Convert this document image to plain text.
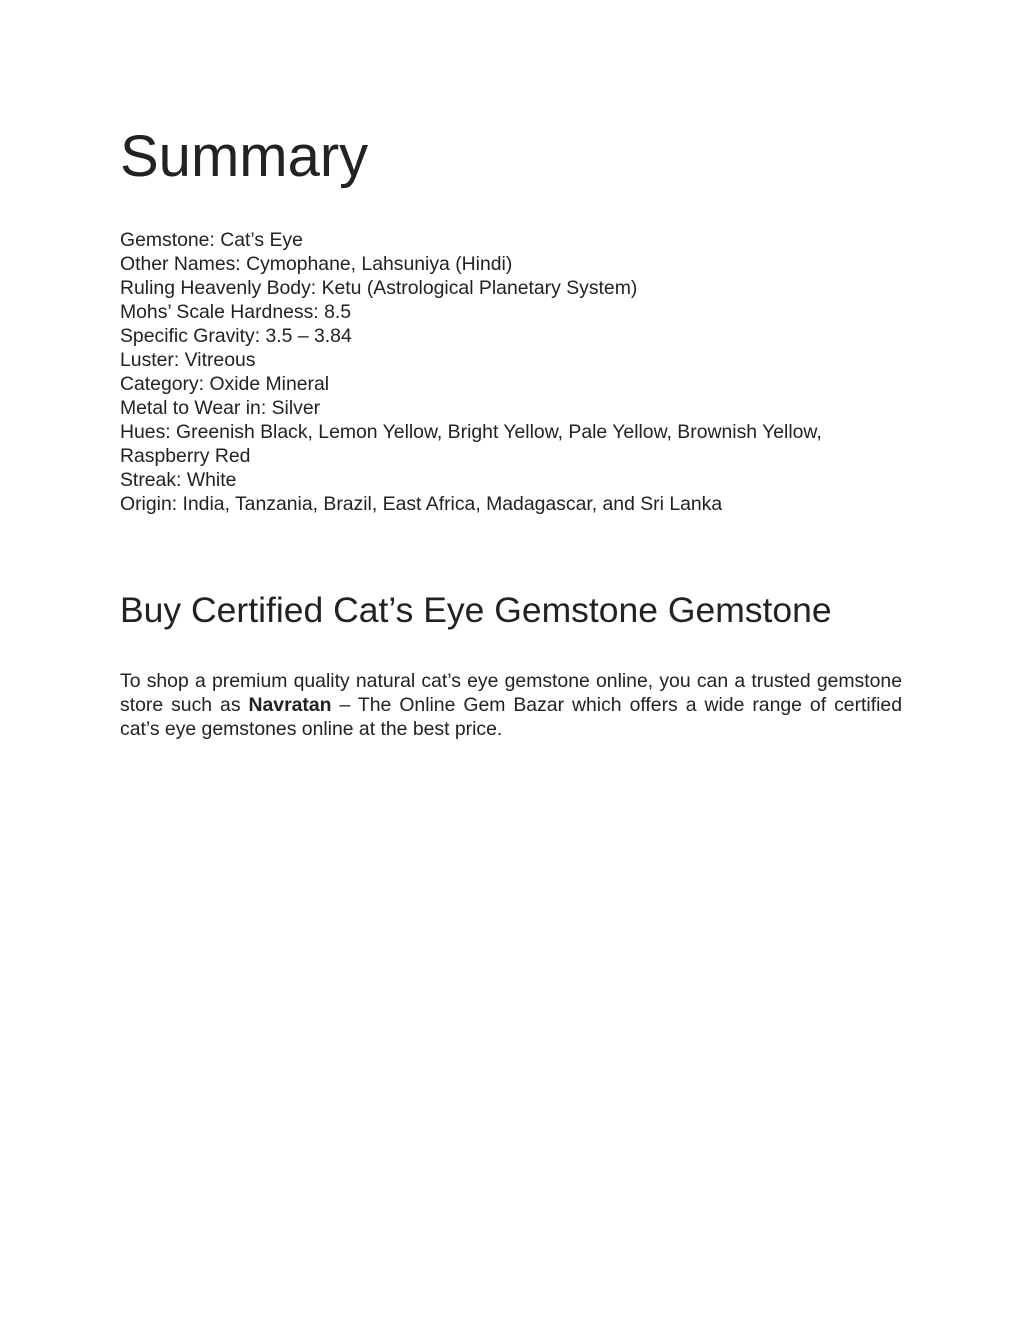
Summary
Gemstone: Cat’s Eye
Other Names: Cymophane, Lahsuniya (Hindi)
Ruling Heavenly Body: Ketu (Astrological Planetary System)
Mohs’ Scale Hardness: 8.5
Specific Gravity: 3.5 – 3.84
Luster: Vitreous
Category: Oxide Mineral
Metal to Wear in: Silver
Hues: Greenish Black, Lemon Yellow, Bright Yellow, Pale Yellow, Brownish Yellow, Raspberry Red
Streak: White
Origin: India, Tanzania, Brazil, East Africa, Madagascar, and Sri Lanka
Buy Certified Cat’s Eye Gemstone Gemstone

To shop a premium quality natural cat’s eye gemstone online, you can a trusted gemstone store such as Navratan – The Online Gem Bazar which offers a wide range of certified cat’s eye gemstones online at the best price.
